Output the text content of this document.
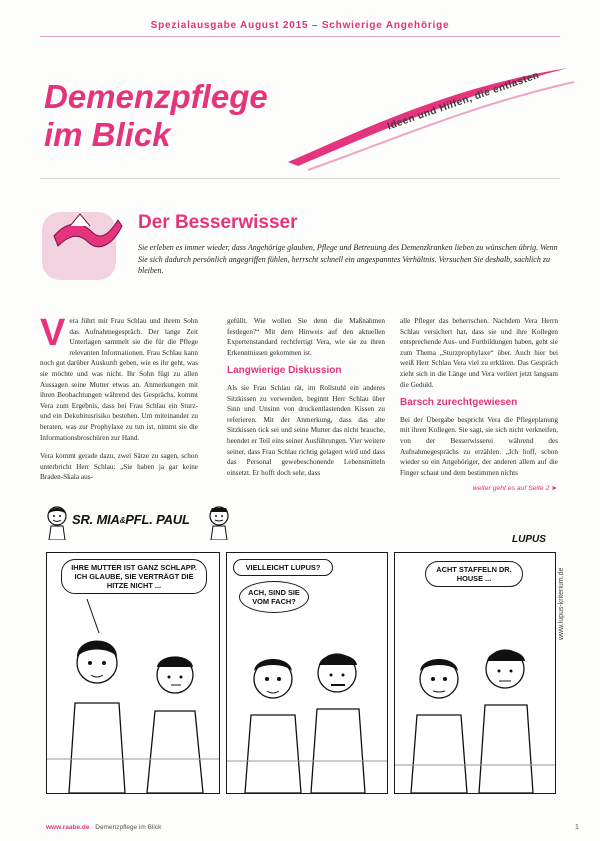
Spezialausgabe August 2015 – Schwierige Angehörige
Demenzpflege
im Blick
Ideen und Hilfen, die entlasten
Der Besserwisser

Sie erleben es immer wieder, dass Angehörige glauben, Pflege und Betreuung des Demenzkranken lieben zu wünschen übrig. Wenn Sie sich dadurch persönlich angegriffen fühlen, herrscht schnell ein angespanntes Verhältnis. Versuchen Sie deshalb, sachlich zu bleiben.

V era führt mit Frau Schlau und ihrem Sohn das Aufnahmegespräch. Der lange Zeit Unterlagen sammelt sie die für die Pflege relevanten Informationen. Frau Schlau kann noch gut darüber Auskunft geben, wie es ihr geht, was sie möchte und was nicht. Ihr Sohn fügt zu allen Aussagen seine Mutter etwas an. Anmerkungen mit ihren Beobachtungen während des Gesprächs, kommt Vera zum Ergebnis, dass bei Frau Schlau ein Sturz- und ein Dekubitusrisiko bestehen. Um miteinander zu beraten, was zur Prophylaxe zu tun ist, nimmt sie die Informationsbroschüren zur Hand.

Vera kommt gerade dazu, zwei Sätze zu sagen, schon unterbricht Herr Schlau: „Sie haben ja gar keine Braden-Skala aus-

gefüllt. Wie wollen Sie denn die Maßnahmen festlegen?“ Mit dem Hinweis auf den aktuellen Expertenstandard rechtfertigt Vera, wie sie zu ihren Erkenntnissen gekommen ist.

Langwierige Diskussion

Als sie Frau Schlau rät, im Rollstuhl ein anderes Sitzkissen zu verwenden, beginnt Herr Schlau über Sinn und Unsinn von druckentlastenden Kissen zu referieren. Mit der Anmerkung, dass das alte Sitzkissen tick sei und seine Mutter das nicht brauche, beendet er Teil eins seiner Ausführungen. Vier weitere seiner, dass Frau Schlau richtig gelagert wird und dass das Personal gewebeschonende Lebensmitteln einsetzt. Er hofft doch sehr, dass

alle Pfleger das beherrschen. Nachdem Vera Herrn Schlau versichert hat, dass sie und ihre Kollegen entsprechende Aus- und Fortbildungen haben, geht sie zum Thema „Sturzprophylaxe“ über. Auch hier bei weiß Herr Schlau Vera viel zu erklären. Das Gespräch zieht sich in die Länge und Vera verliert jetzt langsam die Geduld.

Barsch zurechtgewiesen

Bei der Übergabe bespricht Vera die Pflegeplanung mit ihren Kollegen. Sie sagt, sie sich nicht verkneifen, von der Besserwisserei während des Aufnahmegesprächs zu erzählen. „Ich hoff, schon wieder so ein Angehöriger, der anderen allem auf die Finger schaut und dem bestimmen nichts

weiter geht es auf Seite 2 ►
SR. MIA&PFL. PAUL
LUPUS
IHRE MUTTER IST GANZ SCHLAPP. ICH GLAUBE, SIE VERTRÄGT DIE HITZE NICHT ...
VIELLEICHT LUPUS?
ACH, SIND SIE VOM FACH?
ACHT STAFFELN DR. HOUSE ...	www.lupus-kriterium.de
www.raabe.de · Demenzpflege im Blick	1
